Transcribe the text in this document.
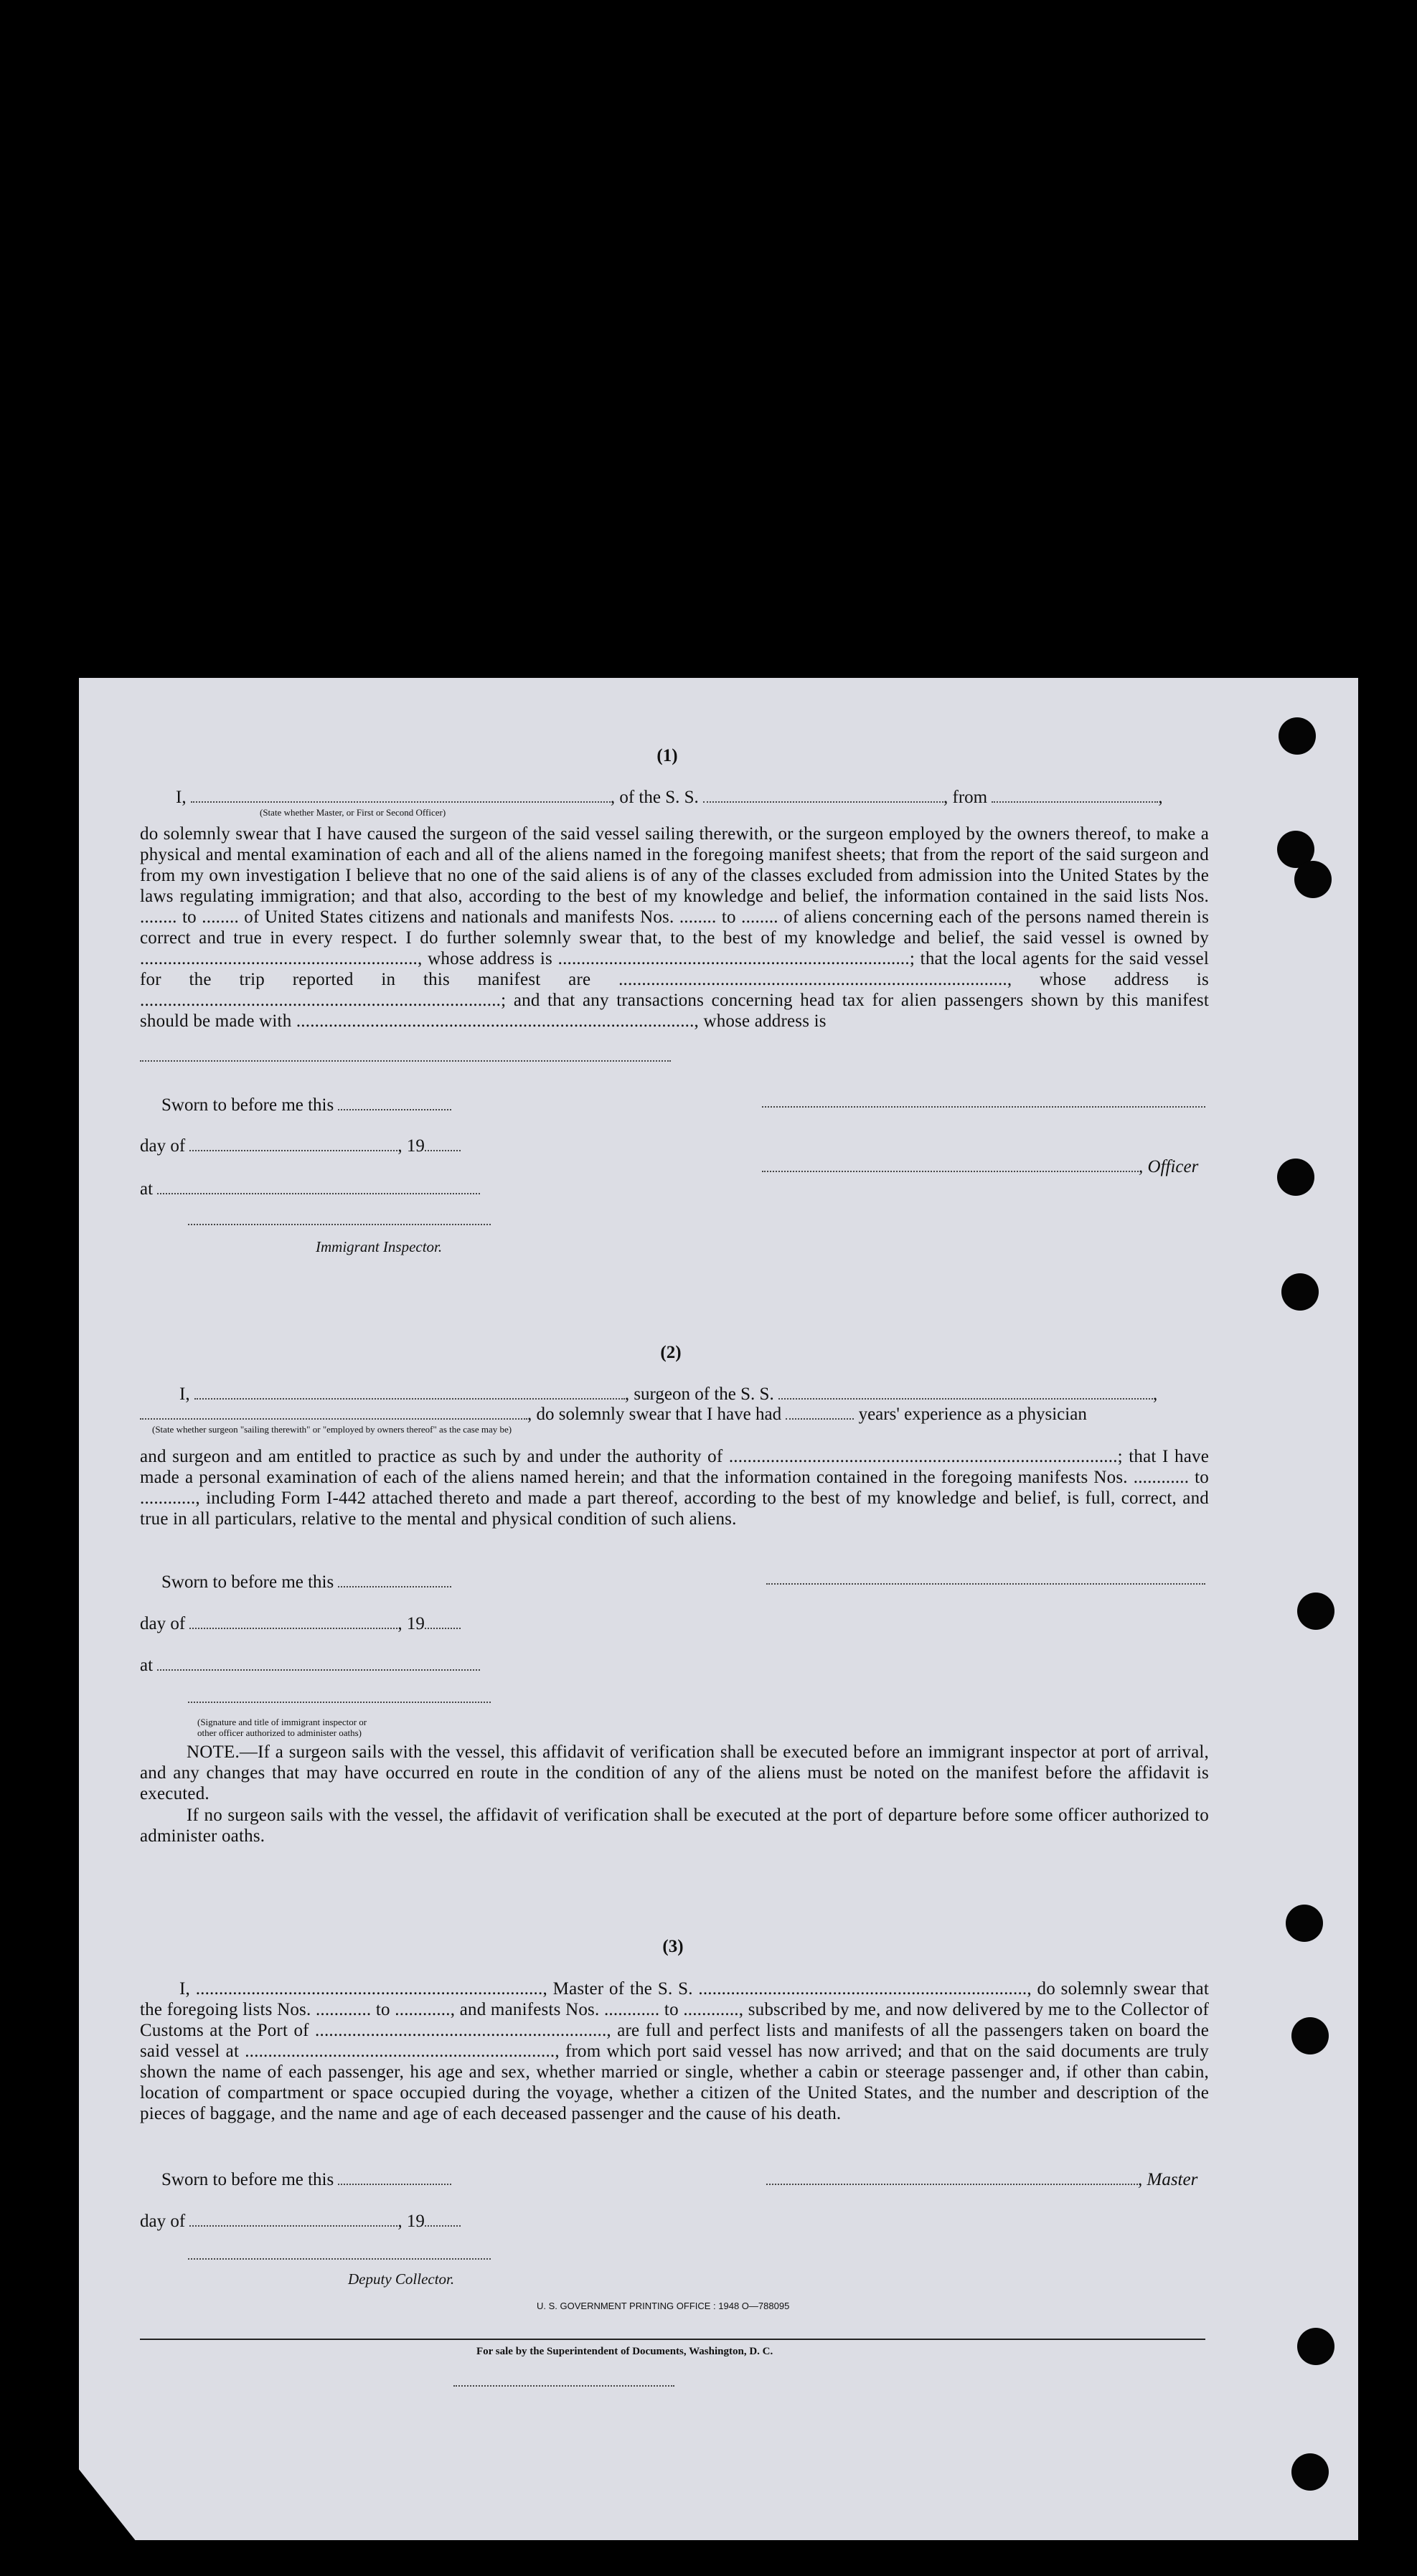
(1)
I,	, of the S. S.	, from	,
(State whether Master, or First or Second Officer)
do solemnly swear that I have caused the surgeon of the said vessel sailing therewith, or the surgeon employed by the owners thereof, to make a physical and mental examination of each and all of the aliens named in the foregoing manifest sheets; that from the report of the said surgeon and from my own investigation I believe that no one of the said aliens is of any of the classes excluded from admission into the United States by the laws regulating immigration; and that also, according to the best of my knowledge and belief, the information contained in the said lists Nos. ........ to ........ of United States citizens and nationals and manifests Nos. ........ to ........ of aliens concerning each of the persons named therein is correct and true in every respect. I do further solemnly swear that, to the best of my knowledge and belief, the said vessel is owned by ............................................................, whose address is ............................................................................; that the local agents for the said vessel for the trip reported in this manifest are ...................................................................................., whose address is ..............................................................................; and that any transactions concerning head tax for alien passengers shown by this manifest should be made with ......................................................................................, whose address is
Sworn to before me this
day of	, 19
, Officer
at
Immigrant Inspector.
(2)
I,	, surgeon of the S. S.	,
, do solemnly swear that I have had	years' experience as a physician
(State whether surgeon "sailing therewith" or "employed by owners thereof" as the case may be)
and surgeon and am entitled to practice as such by and under the authority of ....................................................................................; that I have made a personal examination of each of the aliens named herein; and that the information contained in the foregoing manifests Nos. ............ to ............, including Form I-442 attached thereto and made a part thereof, according to the best of my knowledge and belief, is full, correct, and true in all particulars, relative to the mental and physical condition of such aliens.
Sworn to before me this
day of	, 19
at
(Signature and title of immigrant inspector or
other officer authorized to administer oaths)
NOTE.—If a surgeon sails with the vessel, this affidavit of verification shall be executed before an immigrant inspector at port of arrival, and any changes that may have occurred en route in the condition of any of the aliens must be noted on the manifest before the affidavit is executed.
If no surgeon sails with the vessel, the affidavit of verification shall be executed at the port of departure before some officer authorized to administer oaths.
(3)
I, ..........................................................................., Master of the S. S. ......................................................................., do solemnly swear that the foregoing lists Nos. ............ to ............, and manifests Nos. ............ to ............, subscribed by me, and now delivered by me to the Collector of Customs at the Port of ..............................................................., are full and perfect lists and manifests of all the passengers taken on board the said vessel at ..................................................................., from which port said vessel has now arrived; and that on the said documents are truly shown the name of each passenger, his age and sex, whether married or single, whether a cabin or steerage passenger and, if other than cabin, location of compartment or space occupied during the voyage, whether a citizen of the United States, and the number and description of the pieces of baggage, and the name and age of each deceased passenger and the cause of his death.
Sworn to before me this	, Master
day of	, 19
Deputy Collector.
U. S. GOVERNMENT PRINTING OFFICE : 1948 O—788095
For sale by the Superintendent of Documents, Washington, D. C.
